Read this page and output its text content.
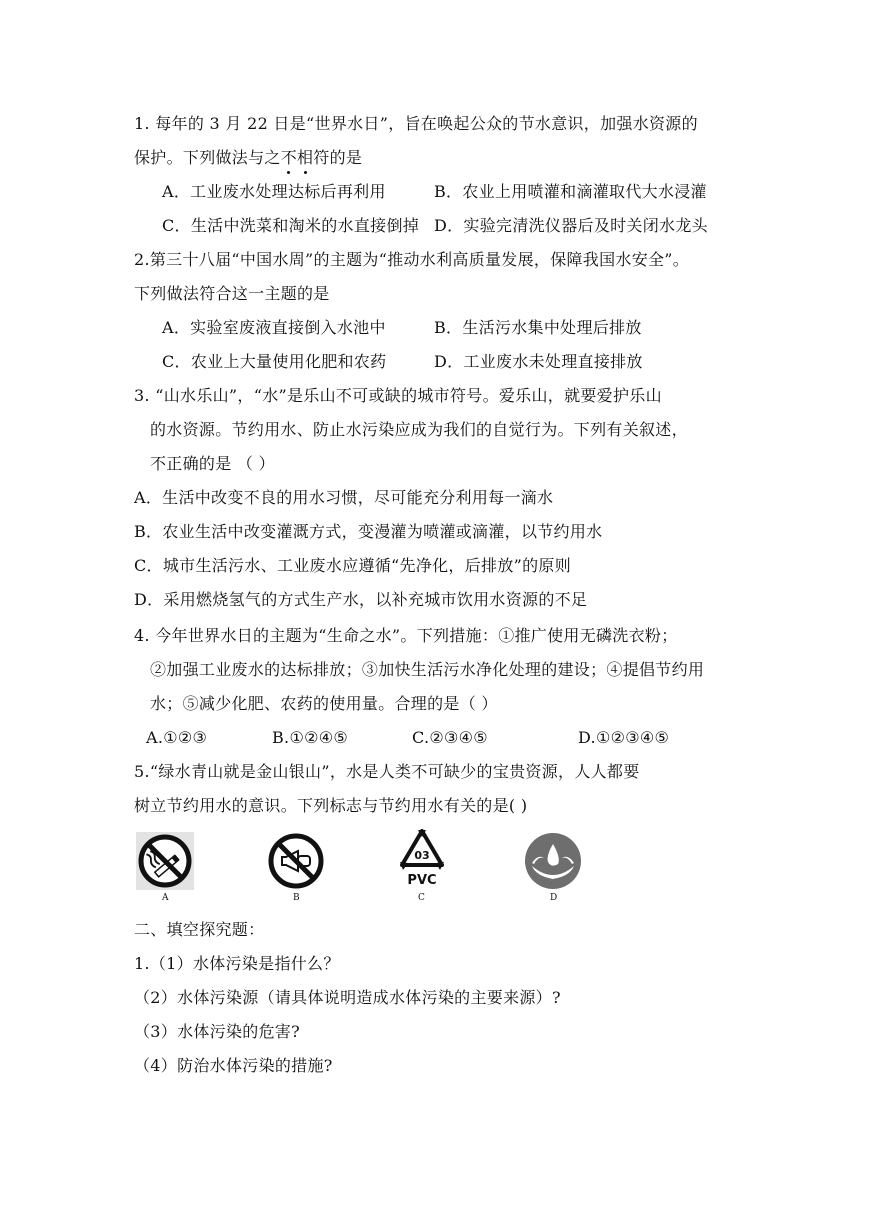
1. 每年的 3 月 22 日是“世界水日”，旨在唤起公众的节水意识，加强水资源的
保护。下列做法与之不相符的是
A．工业废水处理达标后再利用	B．农业上用喷灌和滴灌取代大水浸灌
C．生活中洗菜和淘米的水直接倒掉 D．实验完清洗仪器后及时关闭水龙头
2.第三十八届“中国水周”的主题为“推动水利高质量发展，保障我国水安全”。
下列做法符合这一主题的是
A．实验室废液直接倒入水池中	B．生活污水集中处理后排放
C．农业上大量使用化肥和农药	D．工业废水未处理直接排放
3. “山水乐山”，“水”是乐山不可或缺的城市符号。爱乐山，就要爱护乐山
的水资源。节约用水、防止水污染应成为我们的自觉行为。下列有关叙述，
不正确的是 （ ）
A．生活中改变不良的用水习惯，尽可能充分利用每一滴水
B．农业生活中改变灌溉方式，变漫灌为喷灌或滴灌，以节约用水
C．城市生活污水、工业废水应遵循“先净化，后排放”的原则
D．采用燃烧氢气的方式生产水，以补充城市饮用水资源的不足
4. 今年世界水日的主题为“生命之水”。下列措施：①推广使用无磷洗衣粉；
②加强工业废水的达标排放；③加快生活污水净化处理的建设；④提倡节约用
水；⑤减少化肥、农药的使用量。合理的是（ ）
A.①②③	B.①②④⑤	C.②③④⑤	D.①②③④⑤
5.“绿水青山就是金山银山”，水是人类不可缺少的宝贵资源，人人都要
树立节约用水的意识。下列标志与节约用水有关的是( )
A	B
03
PVC
C	D
二、填空探究题：
1.（1）水体污染是指什么？
（2）水体污染源（请具体说明造成水体污染的主要来源）?
（3）水体污染的危害?
（4）防治水体污染的措施?
